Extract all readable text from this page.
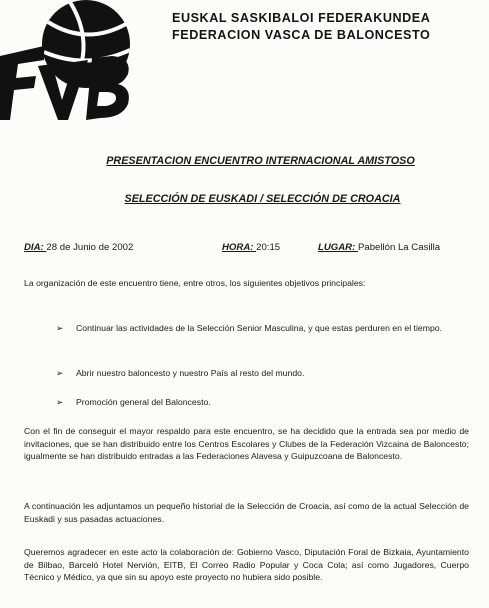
EUSKAL SASKIBALOI FEDERAKUNDEA
FEDERACION VASCA DE BALONCESTO
PRESENTACION ENCUENTRO INTERNACIONAL AMISTOSO
SELECCIÓN DE EUSKADI / SELECCIÓN DE CROACIA
DIA: 28 de Junio de 2002	HORA: 20:15	LUGAR: Pabellón La Casilla
La organización de este encuentro tiene, entre otros, los siguientes objetivos principales:
➢	Continuar las actividades de la Selección Senior Masculina, y que estas perduren en el tiempo.
➢	Abrir nuestro baloncesto y nuestro País al resto del mundo.
➢	Promoción general del Baloncesto.
Con el fin de conseguir el mayor respaldo para este encuentro, se ha decidido que la entrada sea por medio de invitaciones, que se han distribuido entre los Centros Escolares y Clubes de la Federación Vizcaina de Baloncesto; igualmente se han distribuido entradas a las Federaciones Alavesa y Guipuzcoana de Baloncesto.
A continuación les adjuntamos un pequeño historial de la Selección de Croacia, así como de la actual Selección de Euskadi y sus pasadas actuaciones.
Queremos agradecer en este acto la colaboración de: Gobierno Vasco, Diputación Foral de Bizkaia, Ayuntamiento de Bilbao, Barceló Hotel Nervión, EITB, El Correo Radio Popular y Coca Cola; así como Jugadores, Cuerpo Técnico y Médico, ya que sin su apoyo este proyecto no hubiera sido posible.
